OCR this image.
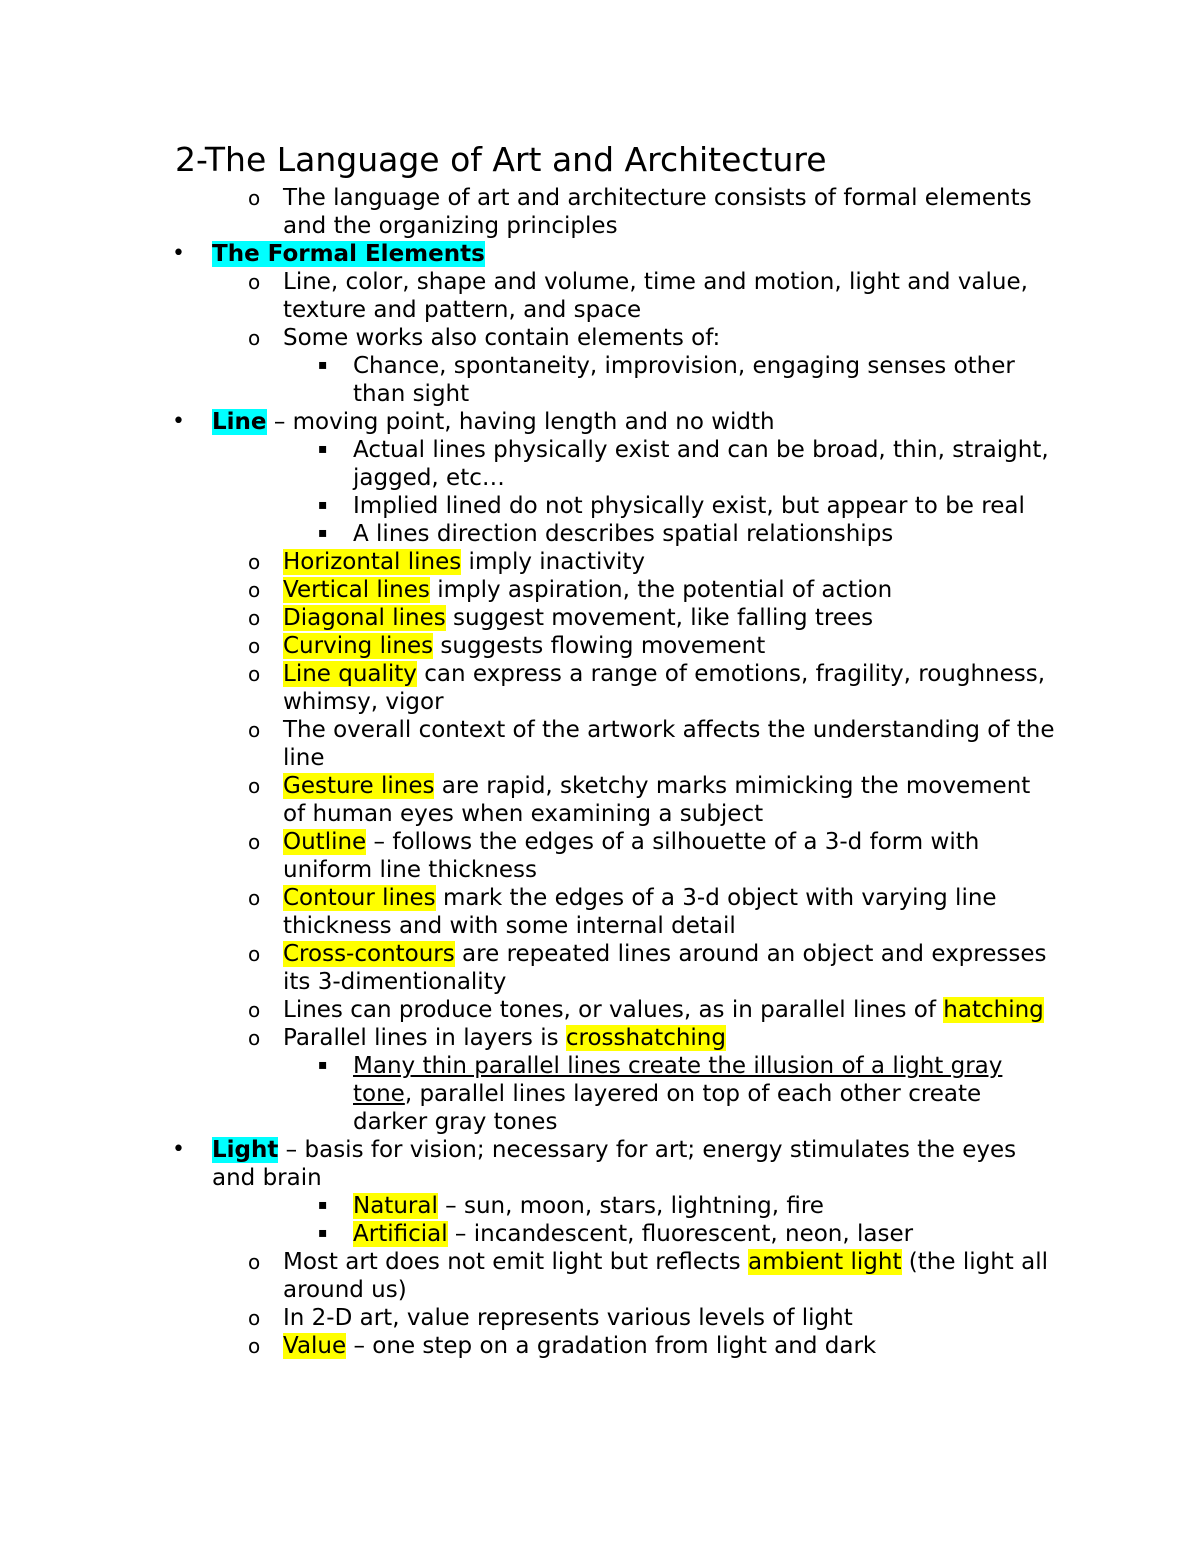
2-The Language of Art and Architecture
o The language of art and architecture consists of formal elements and the organizing principles
• The Formal Elements
o Line, color, shape and volume, time and motion, light and value, texture and pattern, and space
o Some works also contain elements of:
▪ Chance, spontaneity, improvision, engaging senses other than sight
• Line – moving point, having length and no width
▪ Actual lines physically exist and can be broad, thin, straight, jagged, etc…
▪ Implied lined do not physically exist, but appear to be real
▪ A lines direction describes spatial relationships
o Horizontal lines imply inactivity
o Vertical lines imply aspiration, the potential of action
o Diagonal lines suggest movement, like falling trees
o Curving lines suggests flowing movement
o Line quality can express a range of emotions, fragility, roughness, whimsy, vigor
o The overall context of the artwork affects the understanding of the line
o Gesture lines are rapid, sketchy marks mimicking the movement of human eyes when examining a subject
o Outline – follows the edges of a silhouette of a 3-d form with uniform line thickness
o Contour lines mark the edges of a 3-d object with varying line thickness and with some internal detail
o Cross-contours are repeated lines around an object and expresses its 3-dimentionality
o Lines can produce tones, or values, as in parallel lines of hatching
o Parallel lines in layers is crosshatching
▪ Many thin parallel lines create the illusion of a light gray tone, parallel lines layered on top of each other create darker gray tones
• Light – basis for vision; necessary for art; energy stimulates the eyes and brain
▪ Natural – sun, moon, stars, lightning, fire
▪ Artificial – incandescent, fluorescent, neon, laser
o Most art does not emit light but reflects ambient light (the light all around us)
o In 2-D art, value represents various levels of light
o Value – one step on a gradation from light and dark
